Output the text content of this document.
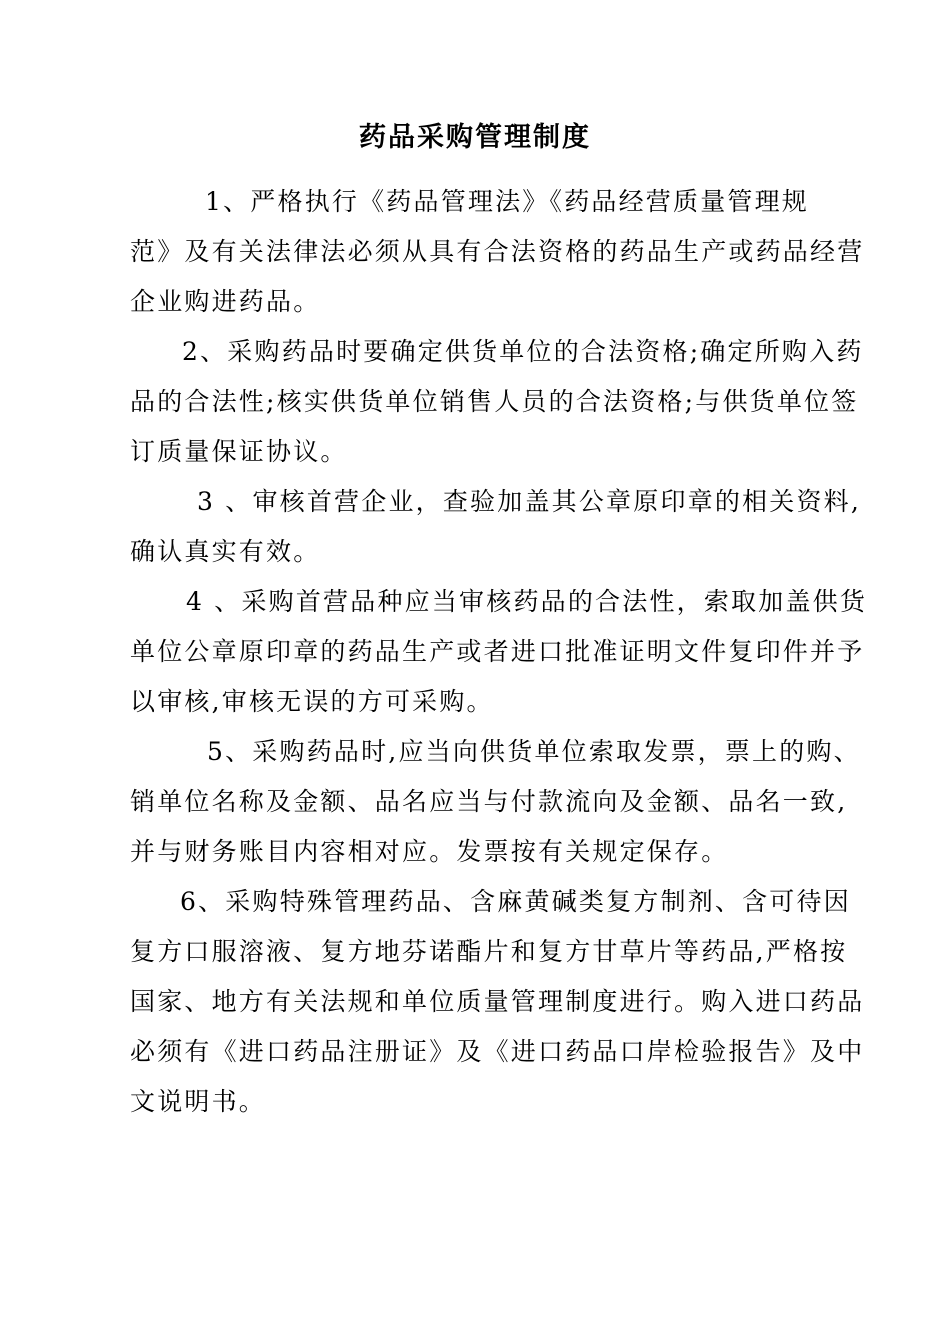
药品采购管理制度
1、严格执行《药品管理法》《药品经营质量管理规
范》及有关法律法必须从具有合法资格的药品生产或药品经营
企业购进药品。
2、采购药品时要确定供货单位的合法资格;确定所购入药
品的合法性;核实供货单位销售人员的合法资格;与供货单位签
订质量保证协议。
3 、审核首营企业，查验加盖其公章原印章的相关资料,
确认真实有效。
4 、采购首营品种应当审核药品的合法性，索取加盖供货
单位公章原印章的药品生产或者进口批准证明文件复印件并予
以审核,审核无误的方可采购。
5、采购药品时,应当向供货单位索取发票，票上的购、
销单位名称及金额、品名应当与付款流向及金额、品名一致,
并与财务账目内容相对应。发票按有关规定保存。
6、采购特殊管理药品、含麻黄碱类复方制剂、含可待因
复方口服溶液、复方地芬诺酯片和复方甘草片等药品,严格按
国家、地方有关法规和单位质量管理制度进行。购入进口药品
必须有《进口药品注册证》及《进口药品口岸检验报告》及中
文说明书。
